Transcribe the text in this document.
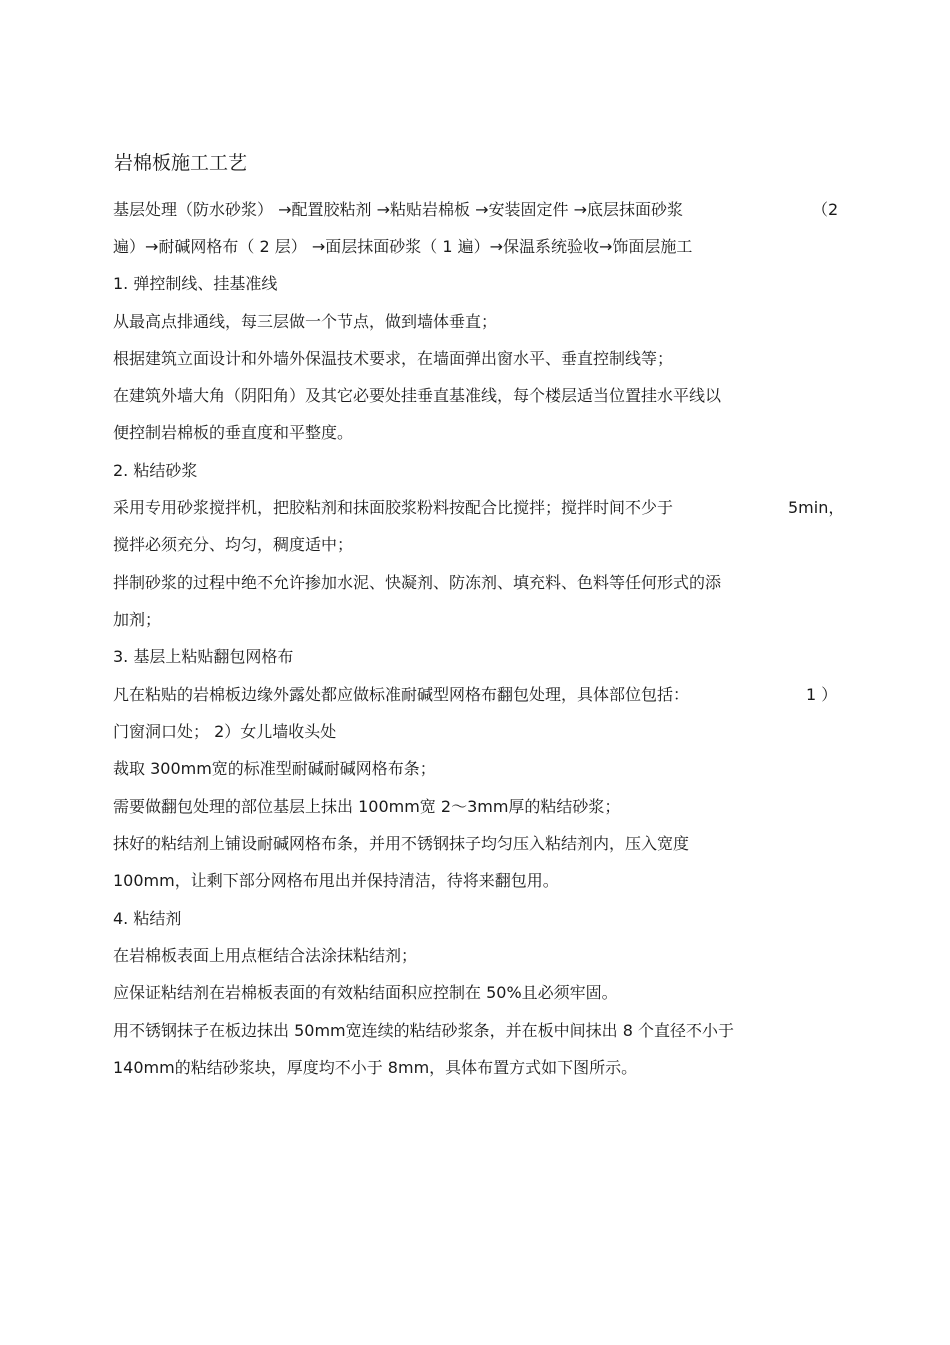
岩棉板施工工艺
基层处理（防水砂浆） →配置胶粘剂 →粘贴岩棉板 →安装固定件 →底层抹面砂浆	（2
遍）→耐碱网格布（ 2 层） →面层抹面砂浆（ 1 遍）→保温系统验收→饰面层施工
1. 弹控制线、挂基准线
从最高点排通线，每三层做一个节点，做到墙体垂直；
根据建筑立面设计和外墙外保温技术要求，在墙面弹出窗水平、垂直控制线等；
在建筑外墙大角（阴阳角）及其它必要处挂垂直基准线，每个楼层适当位置挂水平线以
便控制岩棉板的垂直度和平整度。
2. 粘结砂浆
采用专用砂浆搅拌机，把胶粘剂和抹面胶浆粉料按配合比搅拌；搅拌时间不少于	5min，
搅拌必须充分、均匀，稠度适中；
拌制砂浆的过程中绝不允许掺加水泥、快凝剂、防冻剂、填充料、色料等任何形式的添
加剂；
3. 基层上粘贴翻包网格布
凡在粘贴的岩棉板边缘外露处都应做标准耐碱型网格布翻包处理，具体部位包括：	1 ）
门窗洞口处； 2）女儿墙收头处
裁取 300mm宽的标准型耐碱耐碱网格布条；
需要做翻包处理的部位基层上抹出 100mm宽 2～3mm厚的粘结砂浆；
抹好的粘结剂上铺设耐碱网格布条，并用不锈钢抹子均匀压入粘结剂内，压入宽度
100mm，让剩下部分网格布甩出并保持清洁，待将来翻包用。
4. 粘结剂
在岩棉板表面上用点框结合法涂抹粘结剂；
应保证粘结剂在岩棉板表面的有效粘结面积应控制在 50%且必须牢固。
用不锈钢抹子在板边抹出 50mm宽连续的粘结砂浆条，并在板中间抹出 8 个直径不小于
140mm的粘结砂浆块，厚度均不小于 8mm，具体布置方式如下图所示。
